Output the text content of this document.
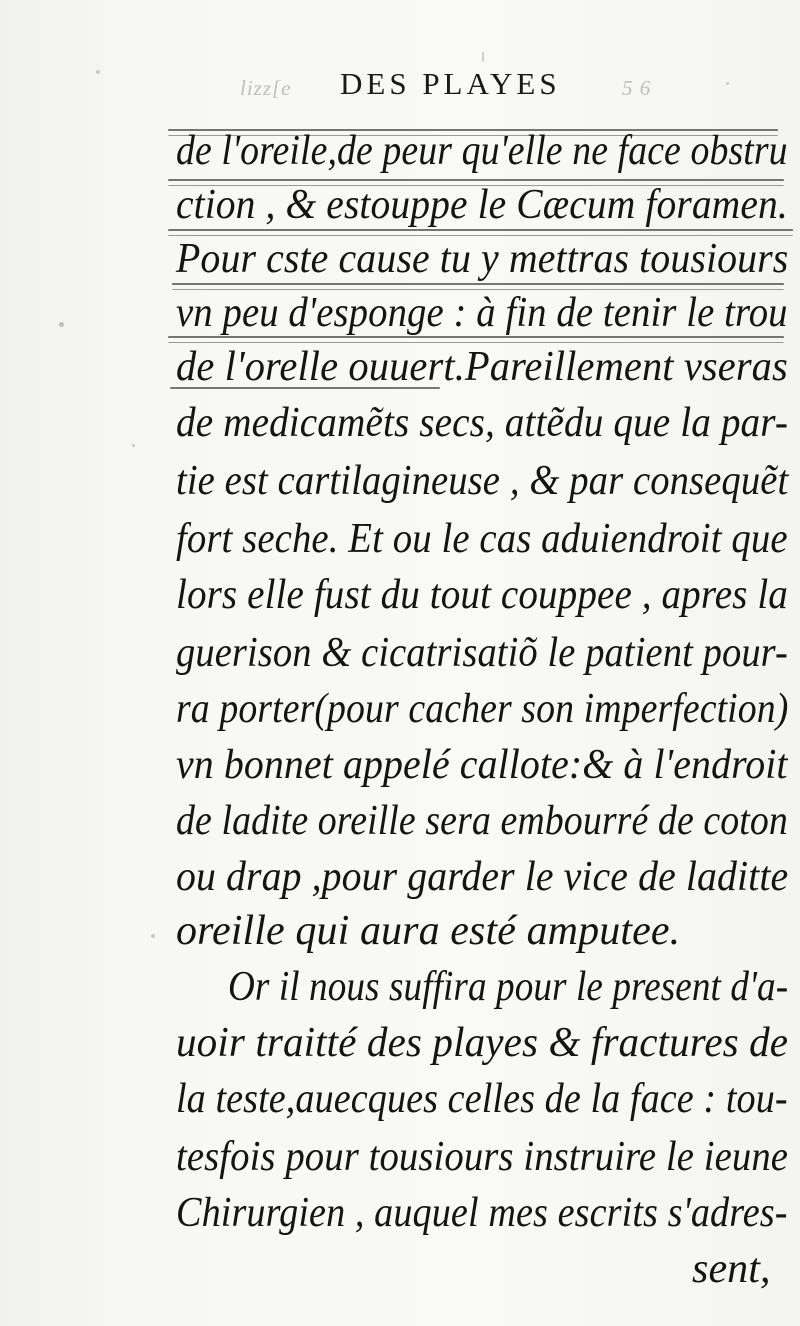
lizz[e	5 6
DES PLAYES
de l'oreile,de peur qu'elle ne face obstru
ction , & estouppe le Cæcum foramen.
Pour cste cause tu y mettras tousiours
vn peu d'esponge : à fin de tenir le trou
de l'orelle ouuert.Pareillement vseras
de medicamẽts secs, attẽdu que la par-
tie est cartilagineuse , & par consequẽt
fort seche. Et ou le cas aduiendroit que
lors elle fust du tout couppee , apres la
guerison & cicatrisatiõ le patient pour-
ra porter(pour cacher son imperfection)
vn bonnet appelé callote:& à l'endroit
de ladite oreille sera embourré de coton
ou drap ,pour garder le vice de laditte
oreille qui aura esté amputee.
Or il nous suffira pour le present d'a-
uoir traitté des playes & fractures de
la teste,auecques celles de la face : tou-
tesfois pour tousiours instruire le ieune
Chirurgien , auquel mes escrits s'adres-
sent,
